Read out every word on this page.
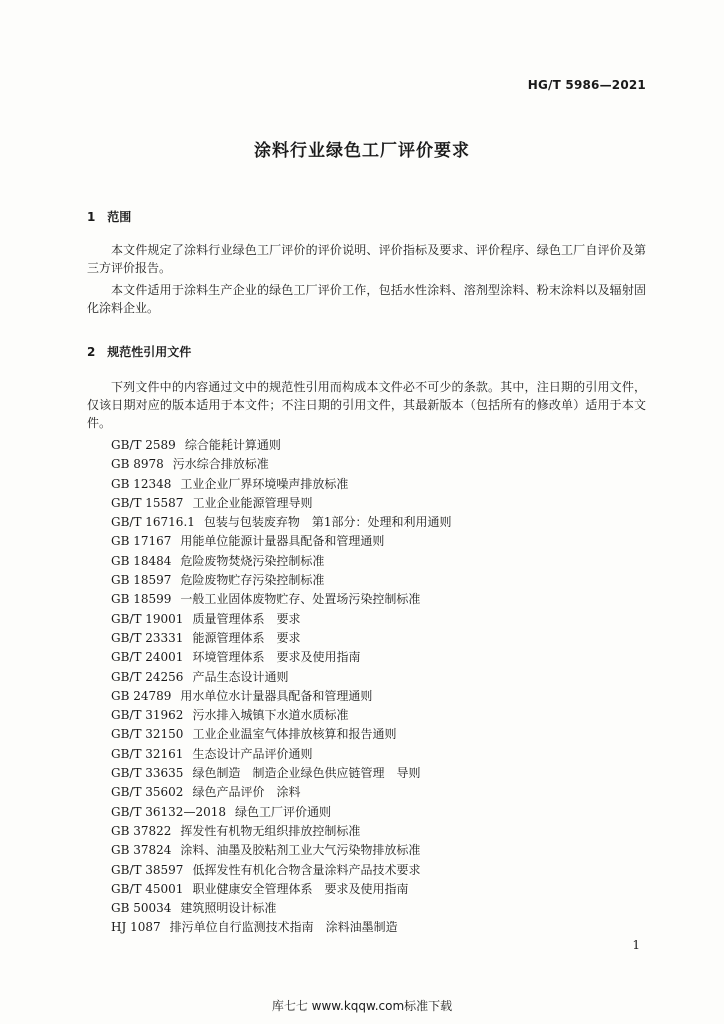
HG/T 5986—2021
涂料行业绿色工厂评价要求
1 范围

本文件规定了涂料行业绿色工厂评价的评价说明、评价指标及要求、评价程序、绿色工厂自评价及第三方评价报告。

本文件适用于涂料生产企业的绿色工厂评价工作，包括水性涂料、溶剂型涂料、粉末涂料以及辐射固化涂料企业。

2 规范性引用文件

下列文件中的内容通过文中的规范性引用而构成本文件必不可少的条款。其中，注日期的引用文件，仅该日期对应的版本适用于本文件；不注日期的引用文件，其最新版本（包括所有的修改单）适用于本文件。

GB/T 2589 综合能耗计算通则
GB 8978 污水综合排放标准
GB 12348 工业企业厂界环境噪声排放标准
GB/T 15587 工业企业能源管理导则
GB/T 16716.1 包装与包装废弃物　第1部分：处理和利用通则
GB 17167 用能单位能源计量器具配备和管理通则
GB 18484 危险废物焚烧污染控制标准
GB 18597 危险废物贮存污染控制标准
GB 18599 一般工业固体废物贮存、处置场污染控制标准
GB/T 19001 质量管理体系　要求
GB/T 23331 能源管理体系　要求
GB/T 24001 环境管理体系　要求及使用指南
GB/T 24256 产品生态设计通则
GB 24789 用水单位水计量器具配备和管理通则
GB/T 31962 污水排入城镇下水道水质标准
GB/T 32150 工业企业温室气体排放核算和报告通则
GB/T 32161 生态设计产品评价通则
GB/T 33635 绿色制造　制造企业绿色供应链管理　导则
GB/T 35602 绿色产品评价　涂料
GB/T 36132—2018 绿色工厂评价通则
GB 37822 挥发性有机物无组织排放控制标准
GB 37824 涂料、油墨及胶粘剂工业大气污染物排放标准
GB/T 38597 低挥发性有机化合物含量涂料产品技术要求
GB/T 45001 职业健康安全管理体系　要求及使用指南
GB 50034 建筑照明设计标准
HJ 1087 排污单位自行监测技术指南　涂料油墨制造
1
库七七 www.kqqw.com标准下载
